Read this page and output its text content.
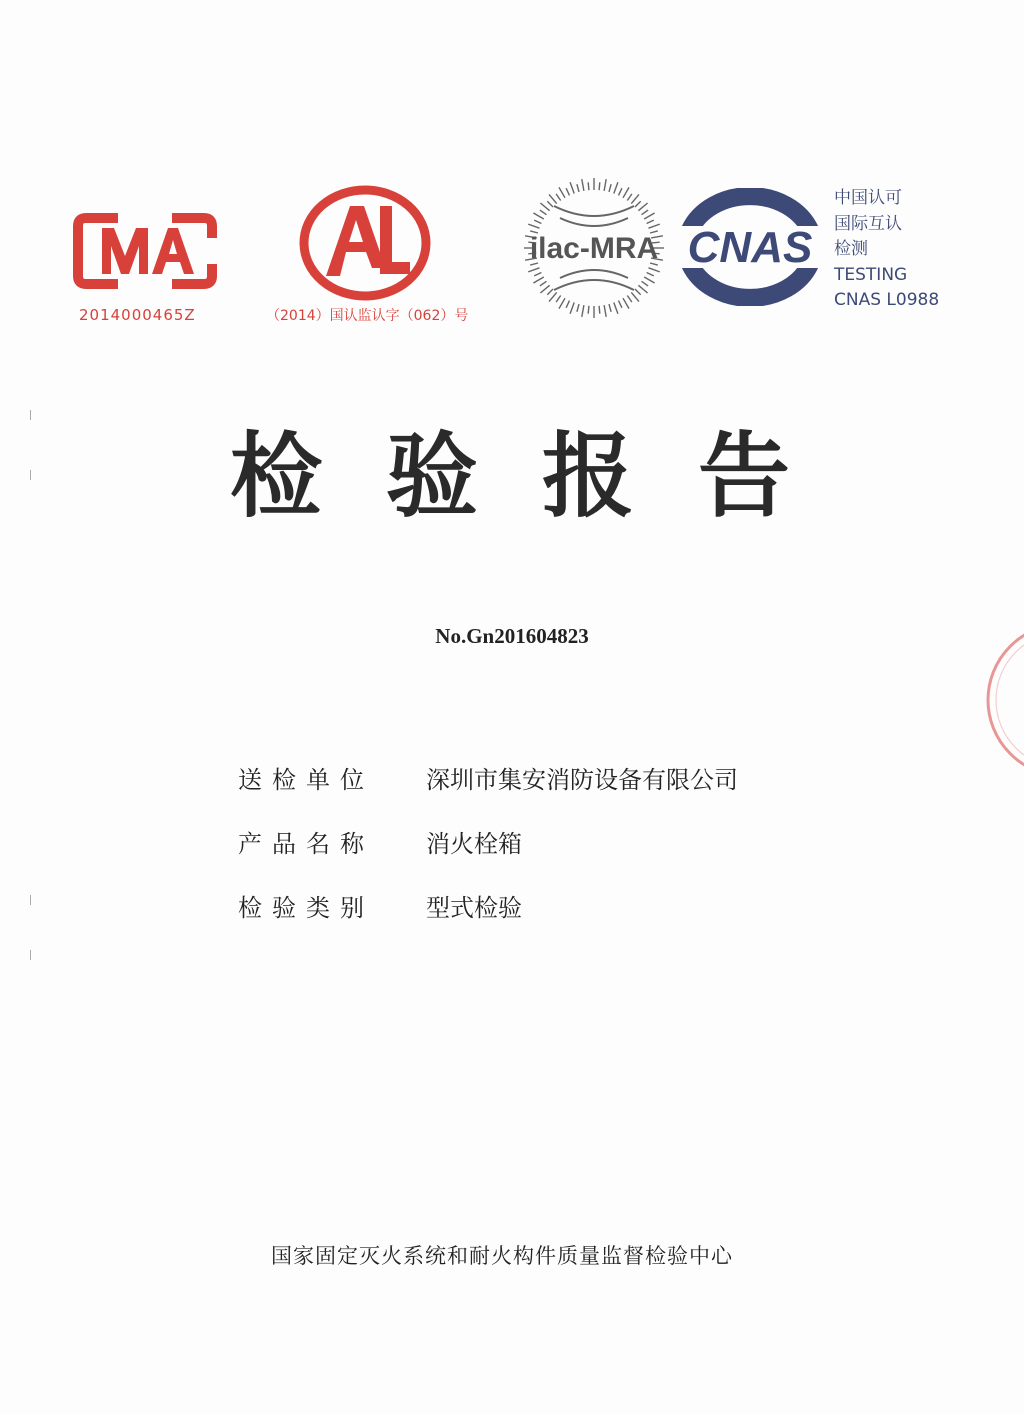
2014000465Z	（2014）国认监认字（062）号
ilac-MRA CNAS
中国认可
国际互认
检测
TESTING
CNAS L0988
检 验 报 告
No.Gn201604823
送检单位	深圳市集安消防设备有限公司
产品名称	消火栓箱
检验类别	型式检验
国家固定灭火系统和耐火构件质量监督检验中心
